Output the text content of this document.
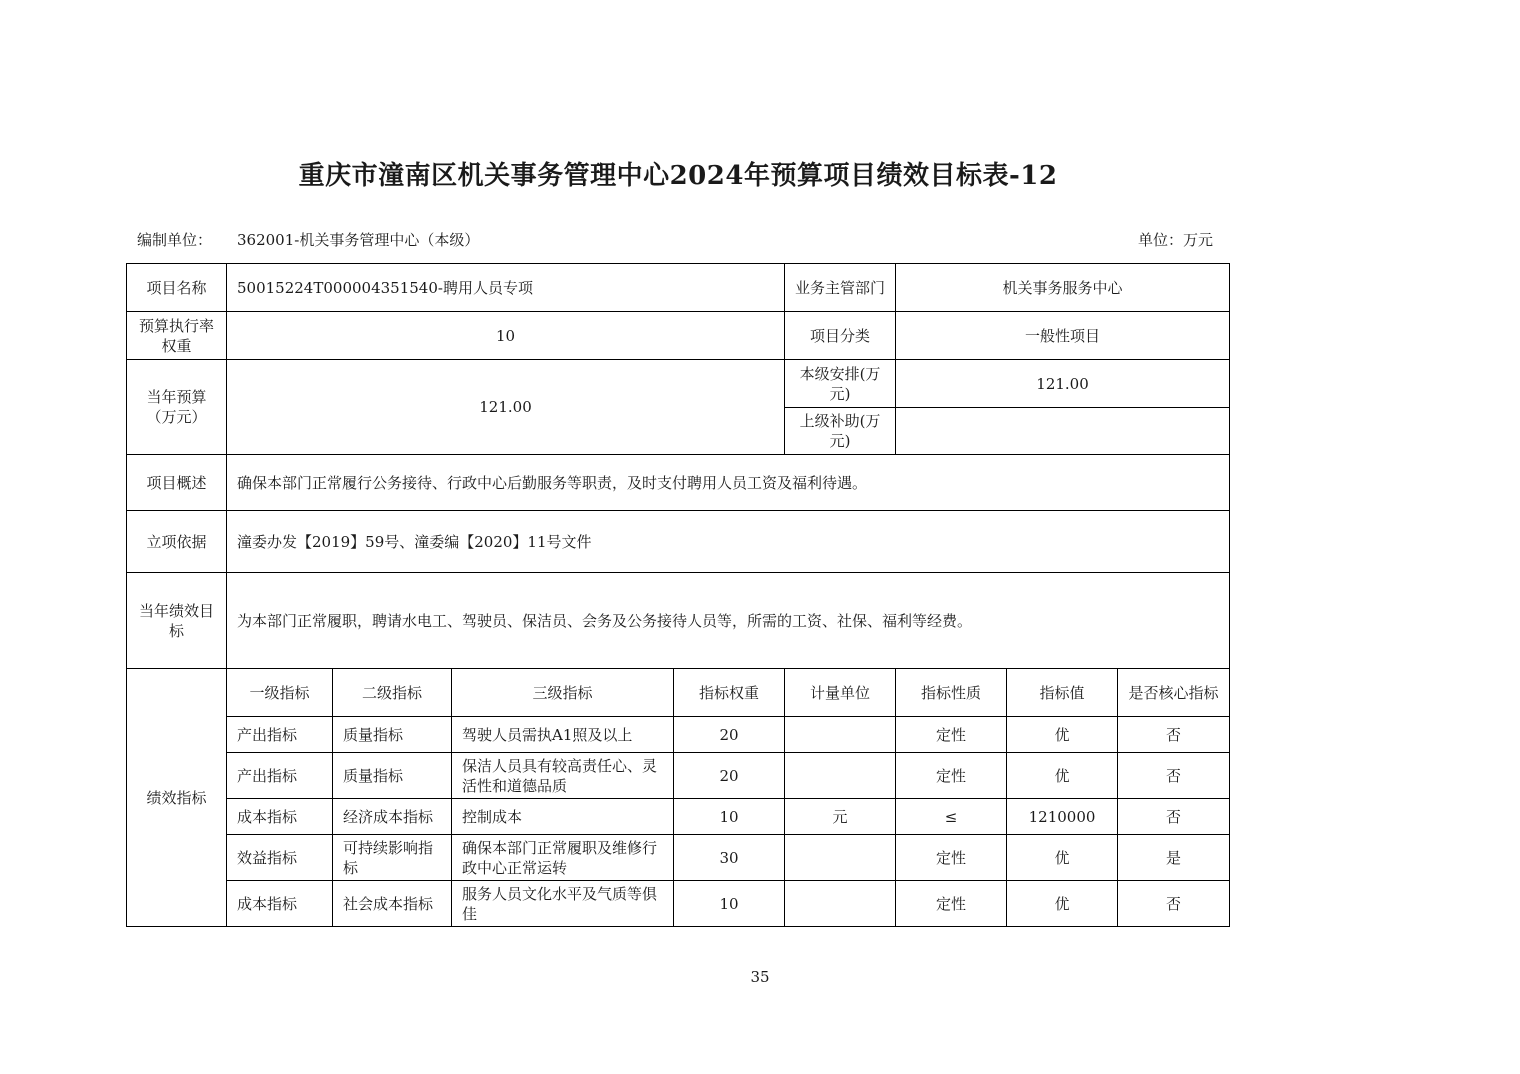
重庆市潼南区机关事务管理中心2024年预算项目绩效目标表-12
编制单位： 362001-机关事务管理中心（本级）	单位：万元
项目名称	50015224T000004351540-聘用人员专项				业务主管部门	机关事务服务中心		
预算执行率权重	10				项目分类	一般性项目		
当年预算（万元）	121.00				本级安排(万元)	121.00		
					上级补助(万元)			
项目概述	确保本部门正常履行公务接待、行政中心后勤服务等职责，及时支付聘用人员工资及福利待遇。							
立项依据	潼委办发【2019】59号、潼委编【2020】11号文件							
当年绩效目标	为本部门正常履职，聘请水电工、驾驶员、保洁员、会务及公务接待人员等，所需的工资、社保、福利等经费。							
绩效指标	一级指标	二级指标	三级指标	指标权重	计量单位	指标性质	指标值	是否核心指标
	产出指标	质量指标	驾驶人员需执A1照及以上	20		定性	优	否
	产出指标	质量指标	保洁人员具有较高责任心、灵活性和道德品质	20		定性	优	否
	成本指标	经济成本指标	控制成本	10	元	≤	1210000	否
	效益指标	可持续影响指标	确保本部门正常履职及维修行政中心正常运转	30		定性	优	是
	成本指标	社会成本指标	服务人员文化水平及气质等俱佳	10		定性	优	否
35
